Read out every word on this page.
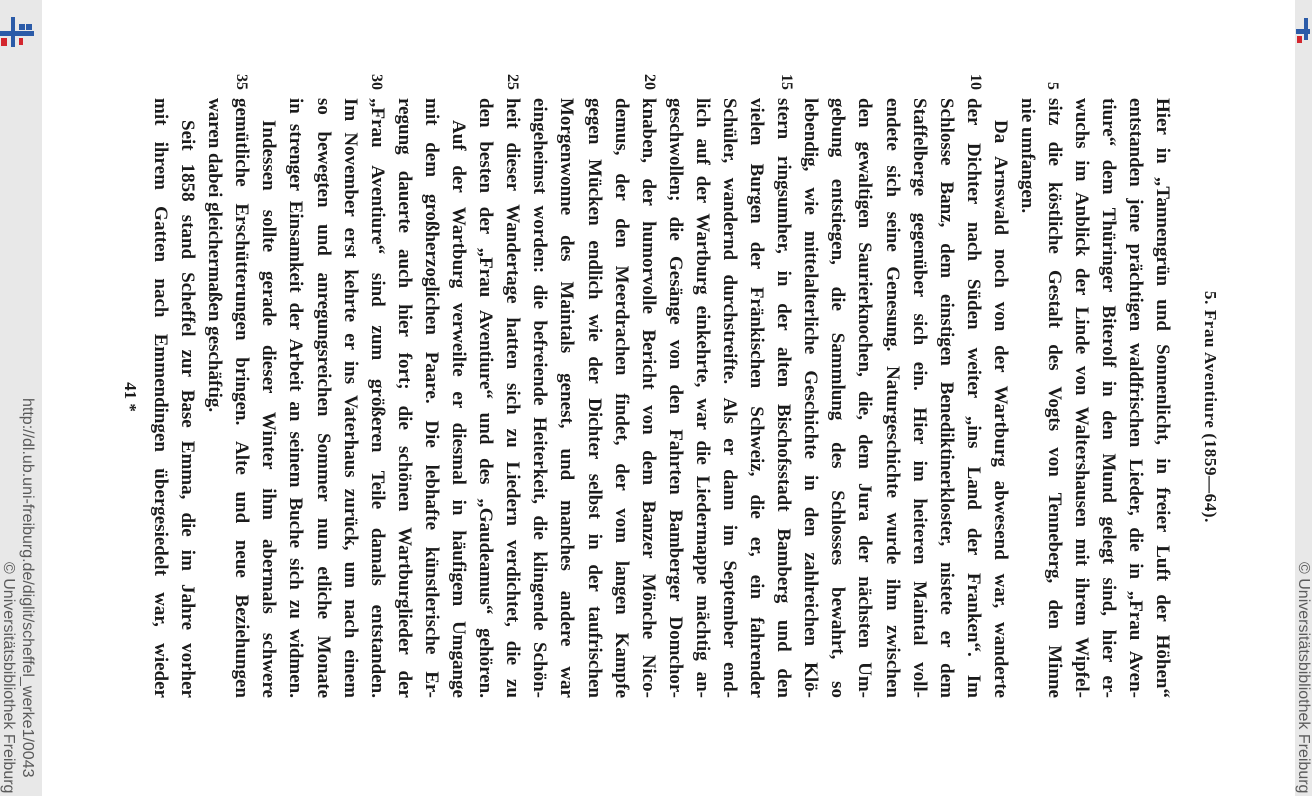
http://dl.ub.uni-freiburg.de/diglit/scheffel_werke1/0043
© Universitätsbibliothek Freiburg
5. Frau Aventiure (1859—64).
5
10
15
20
25
30
35
Hier in „Tannengrün und Sonnenlicht, in freier Luft der Höhen“
entstanden jene prächtigen waldfrischen Lieder, die in „Frau Aven-
tiure“ dem Thüringer Biterolf in den Mund gelegt sind, hier er-
wuchs im Anblick der Linde von Waltershausen mit ihrem Wipfel-
sitz die köstliche Gestalt des Vogts von Tenneberg, den Minne
nie umfangen.
Da Arnswald noch von der Wartburg abwesend war, wanderte
der Dichter nach Süden weiter „ins Land der Franken“. Im
Schlosse Banz, dem einstigen Benediktinerkloster, nistete er dem
Staffelberge gegenüber sich ein. Hier im heiteren Maintal voll-
endete sich seine Genesung. Naturgeschichte wurde ihm zwischen
den gewaltigen Saurierknochen, die, dem Jura der nächsten Um-
gebung entstiegen, die Sammlung des Schlosses bewahrt, so
lebendig, wie mittelalterliche Geschichte in den zahlreichen Klö-
stern ringsumher, in der alten Bischofsstadt Bamberg und den
vielen Burgen der Fränkischen Schweiz, die er, ein fahrender
Schüler, wandernd durchstreifte. Als er dann im September end-
lich auf der Wartburg einkehrte, war die Liedermappe mächtig an-
geschwollen; die Gesänge von den Fahrten Bamberger Domchor-
knaben, der humorvolle Bericht von dem Banzer Mönche Nico-
demus, der den Meerdrachen findet, der vom langen Kampfe
gegen Mücken endlich wie der Dichter selbst in der taufrischen
Morgenwonne des Maintals genest, und manches andere war
eingeheimst worden: die befreiende Heiterkeit, die klingende Schön-
heit dieser Wandertage hatten sich zu Liedern verdichtet, die zu
den besten der „Frau Aventiure“ und des „Gaudeamus“ gehören.
Auf der Wartburg verweilte er diesmal in häufigem Umgange
mit dem großherzoglichen Paare. Die lebhafte künstlerische Er-
regung dauerte auch hier fort; die schönen Wartburglieder der
„Frau Aventiure“ sind zum größeren Teile damals entstanden.
Im November erst kehrte er ins Vaterhaus zurück, um nach einem
so bewegten und anregungsreichen Sommer nun etliche Monate
in strenger Einsamkeit der Arbeit an seinem Buche sich zu widmen.
Indessen sollte gerade dieser Winter ihm abermals schwere
gemütliche Erschütterungen bringen. Alte und neue Beziehungen
waren dabei gleichermaßen geschäftig.
Seit 1858 stand Scheffel zur Base Emma, die im Jahre vorher
mit ihrem Gatten nach Emmendingen übergesiedelt war, wieder
41 *
© Universitätsbibliothek Freiburg
